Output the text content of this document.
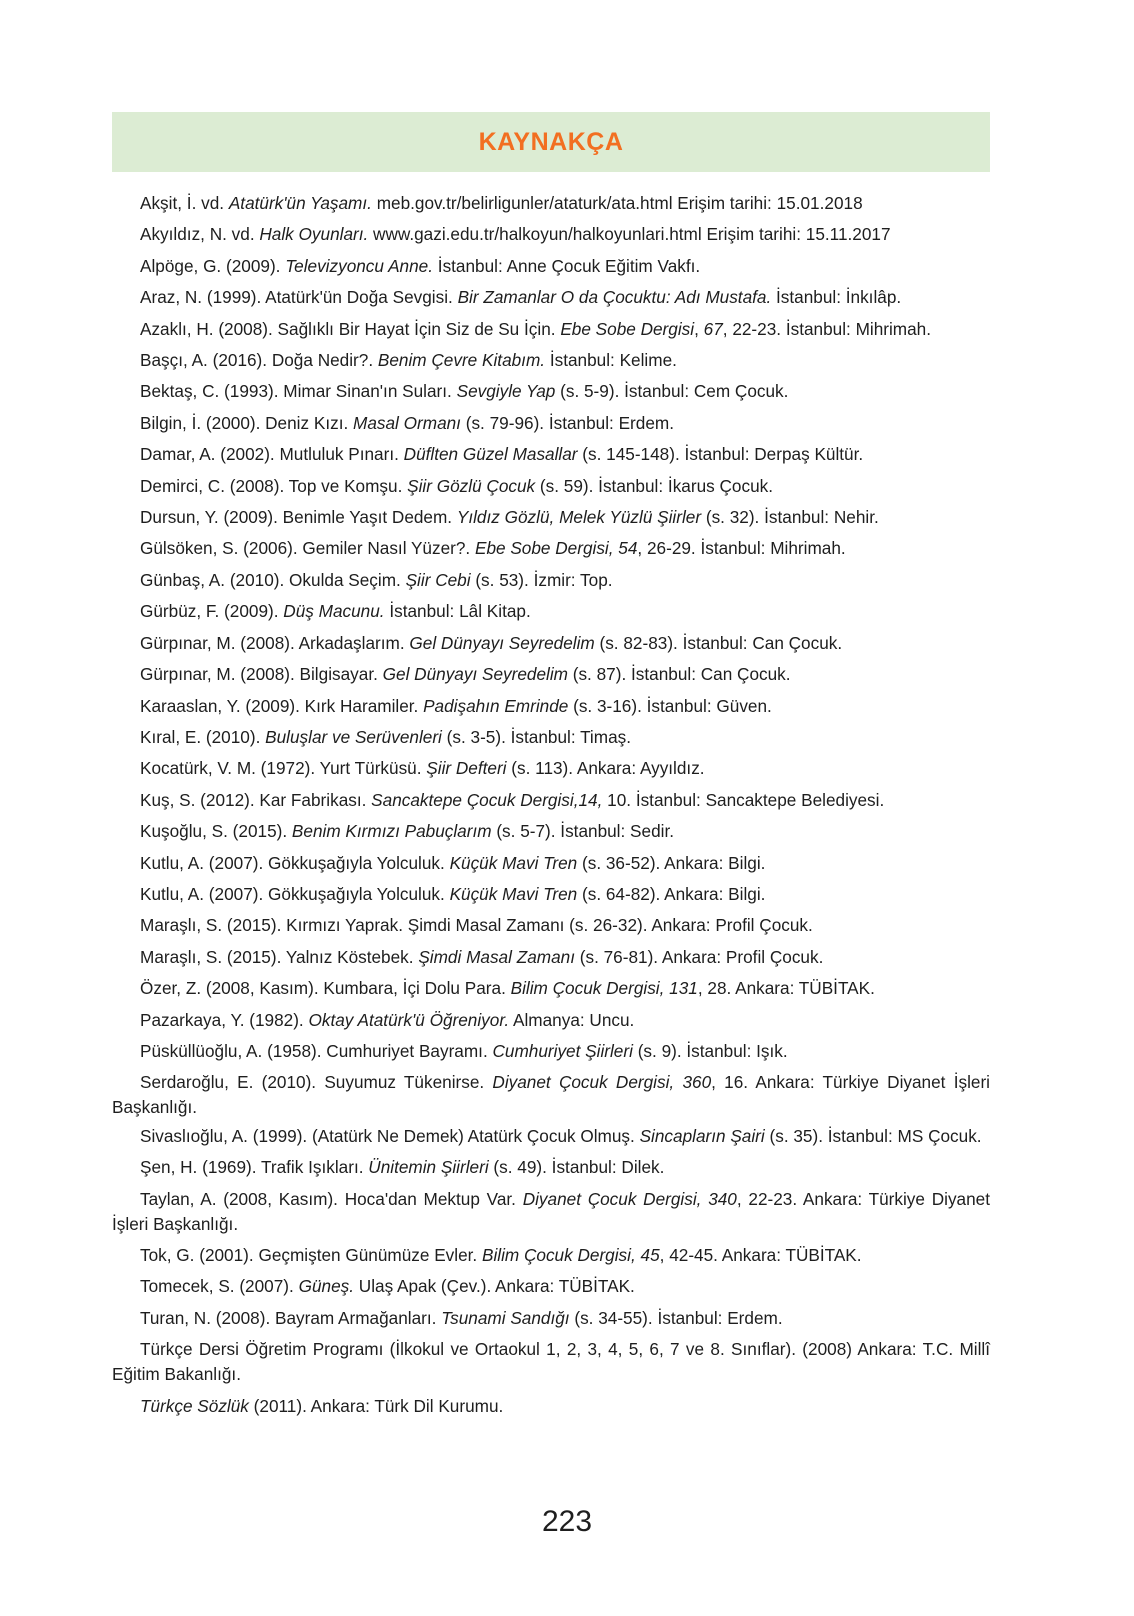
KAYNAKÇA

Akşit, İ. vd. Atatürk'ün Yaşamı. meb.gov.tr/belirligunler/ataturk/ata.html Erişim tarihi: 15.01.2018

Akyıldız, N. vd. Halk Oyunları. www.gazi.edu.tr/halkoyun/halkoyunlari.html Erişim tarihi: 15.11.2017

Alpöge, G. (2009). Televizyoncu Anne. İstanbul: Anne Çocuk Eğitim Vakfı.

Araz, N. (1999). Atatürk'ün Doğa Sevgisi. Bir Zamanlar O da Çocuktu: Adı Mustafa. İstanbul: İnkılâp.

Azaklı, H. (2008). Sağlıklı Bir Hayat İçin Siz de Su İçin. Ebe Sobe Dergisi, 67, 22-23. İstanbul: Mihrimah.

Başçı, A. (2016). Doğa Nedir?. Benim Çevre Kitabım. İstanbul: Kelime.

Bektaş, C. (1993). Mimar Sinan'ın Suları. Sevgiyle Yap (s. 5-9). İstanbul: Cem Çocuk.

Bilgin, İ. (2000). Deniz Kızı. Masal Ormanı (s. 79-96). İstanbul: Erdem.

Damar, A. (2002). Mutluluk Pınarı. Düflten Güzel Masallar (s. 145-148). İstanbul: Derpaş Kültür.

Demirci, C. (2008). Top ve Komşu. Şiir Gözlü Çocuk (s. 59). İstanbul: İkarus Çocuk.

Dursun, Y. (2009). Benimle Yaşıt Dedem. Yıldız Gözlü, Melek Yüzlü Şiirler (s. 32). İstanbul: Nehir.

Gülsöken, S. (2006). Gemiler Nasıl Yüzer?. Ebe Sobe Dergisi, 54, 26-29. İstanbul: Mihrimah.

Günbaş, A. (2010). Okulda Seçim. Şiir Cebi (s. 53). İzmir: Top.

Gürbüz, F. (2009). Düş Macunu. İstanbul: Lâl Kitap.

Gürpınar, M. (2008). Arkadaşlarım. Gel Dünyayı Seyredelim (s. 82-83). İstanbul: Can Çocuk.

Gürpınar, M. (2008). Bilgisayar. Gel Dünyayı Seyredelim (s. 87). İstanbul: Can Çocuk.

Karaaslan, Y. (2009). Kırk Haramiler. Padişahın Emrinde (s. 3-16). İstanbul: Güven.

Kıral, E. (2010). Buluşlar ve Serüvenleri (s. 3-5). İstanbul: Timaş.

Kocatürk, V. M. (1972). Yurt Türküsü. Şiir Defteri (s. 113). Ankara: Ayyıldız.

Kuş, S. (2012). Kar Fabrikası. Sancaktepe Çocuk Dergisi,14, 10. İstanbul: Sancaktepe Belediyesi.

Kuşoğlu, S. (2015). Benim Kırmızı Pabuçlarım (s. 5-7). İstanbul: Sedir.

Kutlu, A. (2007). Gökkuşağıyla Yolculuk. Küçük Mavi Tren (s. 36-52). Ankara: Bilgi.

Kutlu, A. (2007). Gökkuşağıyla Yolculuk. Küçük Mavi Tren (s. 64-82). Ankara: Bilgi.

Maraşlı, S. (2015). Kırmızı Yaprak. Şimdi Masal Zamanı (s. 26-32). Ankara: Profil Çocuk.

Maraşlı, S. (2015). Yalnız Köstebek. Şimdi Masal Zamanı (s. 76-81). Ankara: Profil Çocuk.

Özer, Z. (2008, Kasım). Kumbara, İçi Dolu Para. Bilim Çocuk Dergisi, 131, 28. Ankara: TÜBİTAK.

Pazarkaya, Y. (1982). Oktay Atatürk'ü Öğreniyor. Almanya: Uncu.

Püsküllüoğlu, A. (1958). Cumhuriyet Bayramı. Cumhuriyet Şiirleri (s. 9). İstanbul: Işık.

Serdaroğlu, E. (2010). Suyumuz Tükenirse. Diyanet Çocuk Dergisi, 360, 16. Ankara: Türkiye Diyanet İşleri Başkanlığı.

Sivaslıoğlu, A. (1999). (Atatürk Ne Demek) Atatürk Çocuk Olmuş. Sincapların Şairi (s. 35). İstanbul: MS Çocuk.

Şen, H. (1969). Trafik Işıkları. Ünitemin Şiirleri (s. 49). İstanbul: Dilek.

Taylan, A. (2008, Kasım). Hoca'dan Mektup Var. Diyanet Çocuk Dergisi, 340, 22-23. Ankara: Türkiye Diyanet İşleri Başkanlığı.

Tok, G. (2001). Geçmişten Günümüze Evler. Bilim Çocuk Dergisi, 45, 42-45. Ankara: TÜBİTAK.

Tomecek, S. (2007). Güneş. Ulaş Apak (Çev.). Ankara: TÜBİTAK.

Turan, N. (2008). Bayram Armağanları. Tsunami Sandığı (s. 34-55). İstanbul: Erdem.

Türkçe Dersi Öğretim Programı (İlkokul ve Ortaokul 1, 2, 3, 4, 5, 6, 7 ve 8. Sınıflar). (2008) Ankara: T.C. Millî Eğitim Bakanlığı.

Türkçe Sözlük (2011). Ankara: Türk Dil Kurumu.

223
